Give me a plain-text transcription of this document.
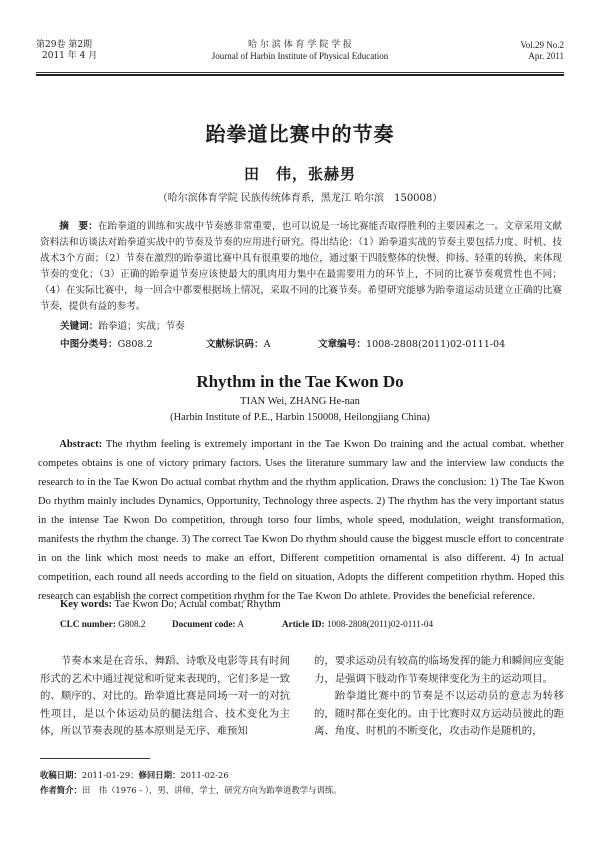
第29卷 第2期
2011 年 4 月
哈 尔 滨 体 育 学 院 学 报
Journal of Harbin Institute of Physical Education
Vol.29 No.2
Apr. 2011
跆拳道比赛中的节奏
田　伟，张赫男
（哈尔滨体育学院 民族传统体育系，黑龙江 哈尔滨　150008）
摘　要：在跆拳道的训练和实战中节奏感非常重要，也可以说是一场比赛能否取得胜利的主要因素之一。文章采用文献资料法和访谈法对跆拳道实战中的节奏及节奏的应用进行研究。得出结论：（1）跆拳道实战的节奏主要包括力度、时机、技战术3个方面；（2）节奏在激烈的跆拳道比赛中具有很重要的地位，通过躯干四肢整体的快慢、抑扬、轻重的转换，来体现节奏的变化；（3）正确的跆拳道节奏应该使最大的肌肉用力集中在最需要用力的环节上，不同的比赛节奏观赏性也不同；（4）在实际比赛中，每一回合中都要根据场上情况，采取不同的比赛节奏。希望研究能够为跆拳道运动员建立正确的比赛节奏，提供有益的参考。
关键词：跆拳道；实战；节奏
中图分类号：G808.2	文献标识码：A	文章编号：1008-2808(2011)02-0111-04
Rhythm in the Tae Kwon Do
TIAN Wei, ZHANG He-nan
(Harbin Institute of P.E., Harbin 150008, Heilongjiang China)
Abstract: The rhythm feeling is extremely important in the Tae Kwon Do training and the actual combat. whether competes obtains is one of victory primary factors. Uses the literature summary law and the interview law conducts the research to in the Tae Kwon Do actual combat rhythm and the rhythm application. Draws the conclusion: 1) The Tae Kwon Do rhythm mainly includes Dynamics, Opportunity, Technology three aspects. 2) The rhythm has the very important status in the intense Tae Kwon Do competition, through torso four limbs, whole speed, modulation, weight transformation, manifests the rhythm the change. 3) The correct Tae Kwon Do rhythm should cause the biggest muscle effort to concentrate in on the link which most needs to make an effort, Different competition ornamental is also different. 4) In actual competition, each round all needs according to the field on situation, Adopts the different competition rhythm. Hoped this research can establish the correct competition rhythm for the Tae Kwon Do athlete. Provides the beneficial reference.
Key words: Tae Kwon Do; Actual combat; Rhythm
CLC number: G808.2	Document code: A	Article ID: 1008-2808(2011)02-0111-04
节奏本来是在音乐、舞蹈、诗歌及电影等具有时间形式的艺术中通过视觉和听觉来表现的，它们多是一致的、顺序的、对比的。跆拳道比赛是同场一对一的对抗性项目，是以个体运动员的腿法组合、技术变化为主体，所以节奏表现的基本原则是无序、难预知

的，要求运动员有较高的临场发挥的能力和瞬间应变能力，是强调下肢动作节奏规律变化为主的运动项目。

跆拳道比赛中的节奏是不以运动员的意志为转移的，随时都在变化的。由于比赛时双方运动员彼此的距离、角度、时机的不断变化，攻击动作是随机的，

收稿日期：2011-01-29；修回日期：2011-02-26
作者简介：田　伟（1976 - ），男，讲师，学士，研究方向为跆拳道教学与训练。
